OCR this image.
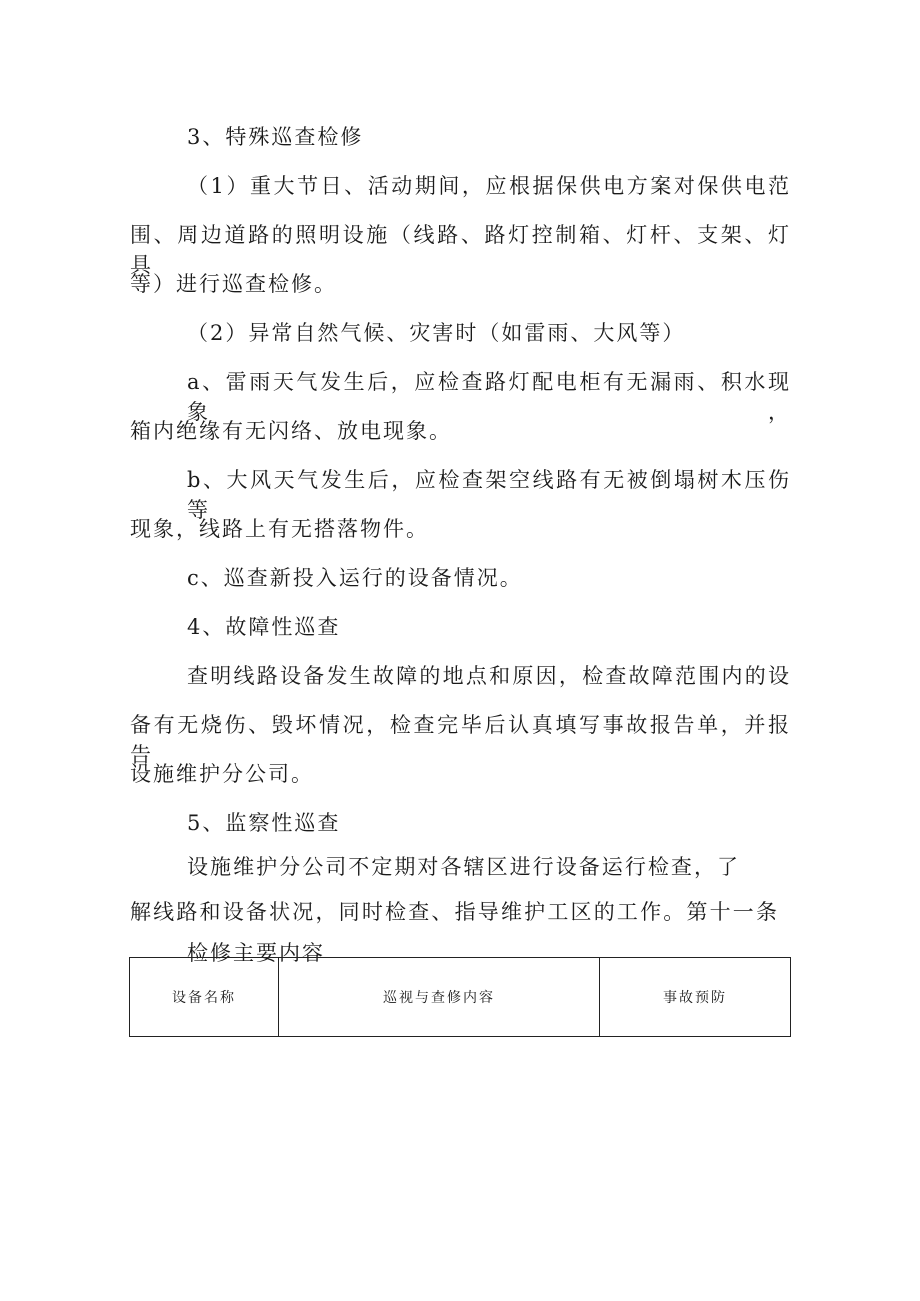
3、特殊巡查检修
（1）重大节日、活动期间，应根据保供电方案对保供电范
围、周边道路的照明设施（线路、路灯控制箱、灯杆、支架、灯具
等）进行巡查检修。
（2）异常自然气候、灾害时（如雷雨、大风等）
a、雷雨天气发生后，应检查路灯配电柜有无漏雨、积水现象，
箱内绝缘有无闪络、放电现象。
b、大风天气发生后，应检查架空线路有无被倒塌树木压伤等
现象，线路上有无搭落物件。
c、巡查新投入运行的设备情况。
4、故障性巡查
查明线路设备发生故障的地点和原因，检查故障范围内的设
备有无烧伤、毁坏情况，检查完毕后认真填写事故报告单，并报告
设施维护分公司。
5、监察性巡查
设施维护分公司不定期对各辖区进行设备运行检查，了
解线路和设备状况，同时检查、指导维护工区的工作。第十一条
检修主要内容
设备名称	巡视与查修内容	事故预防
